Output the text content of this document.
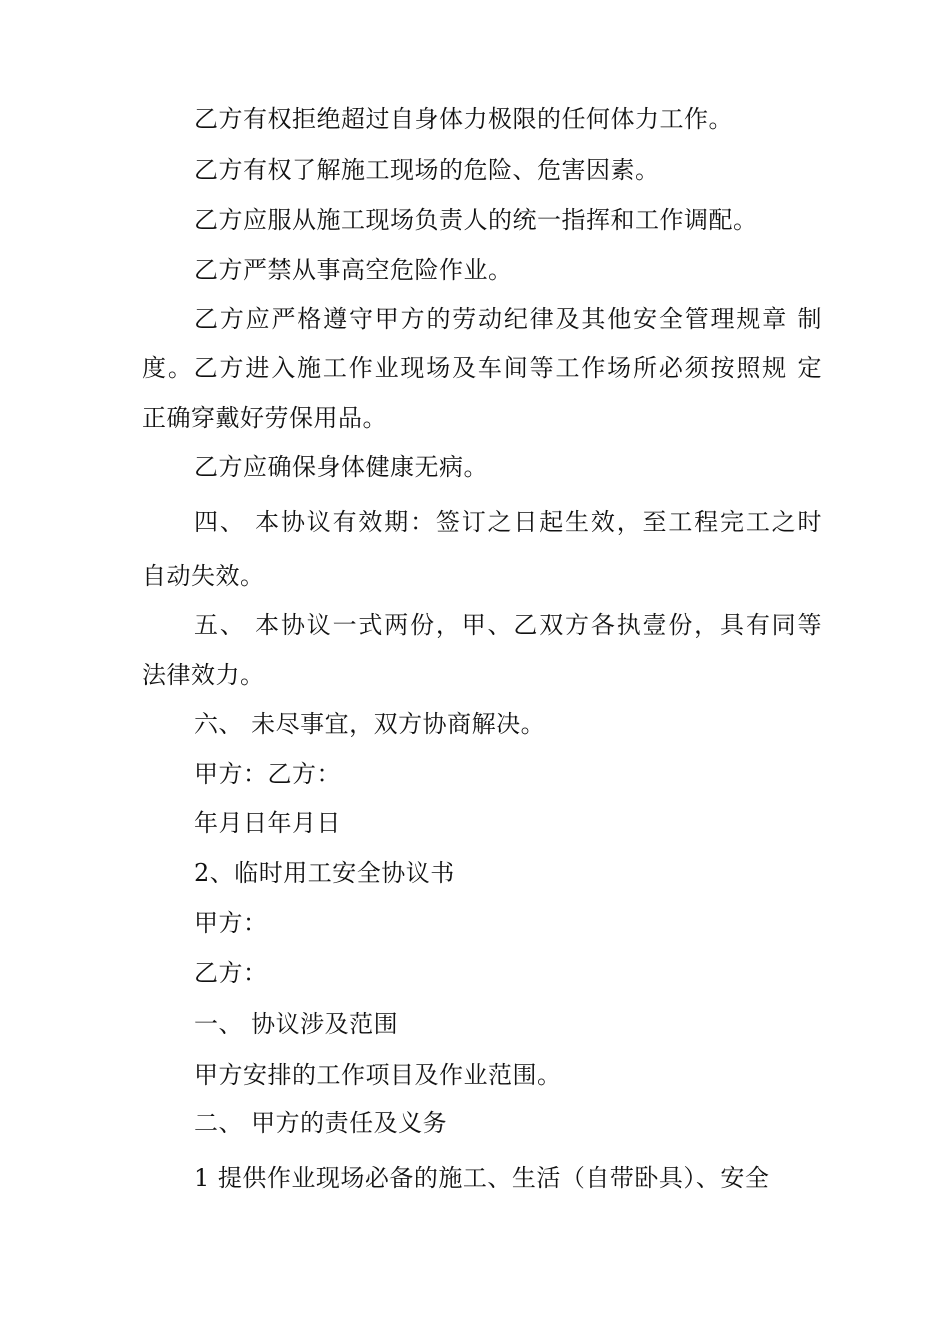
乙方有权拒绝超过自身体力极限的任何体力工作。
乙方有权了解施工现场的危险、危害因素。
乙方应服从施工现场负责人的统一指挥和工作调配。
乙方严禁从事高空危险作业。
乙方应严格遵守甲方的劳动纪律及其他安全管理规章 制
度。乙方进入施工作业现场及车间等工作场所必须按照规 定
正确穿戴好劳保用品。
乙方应确保身体健康无病。
四、 本协议有效期：签订之日起生效，至工程完工之时
自动失效。
五、 本协议一式两份，甲、乙双方各执壹份，具有同等
法律效力。
六、 未尽事宜，双方协商解决。
甲方：乙方：
年月日年月日
2、临时用工安全协议书
甲方：
乙方：
一、 协议涉及范围
甲方安排的工作项目及作业范围。
二、 甲方的责任及义务
1 提供作业现场必备的施工、生活（自带卧具）、安全
